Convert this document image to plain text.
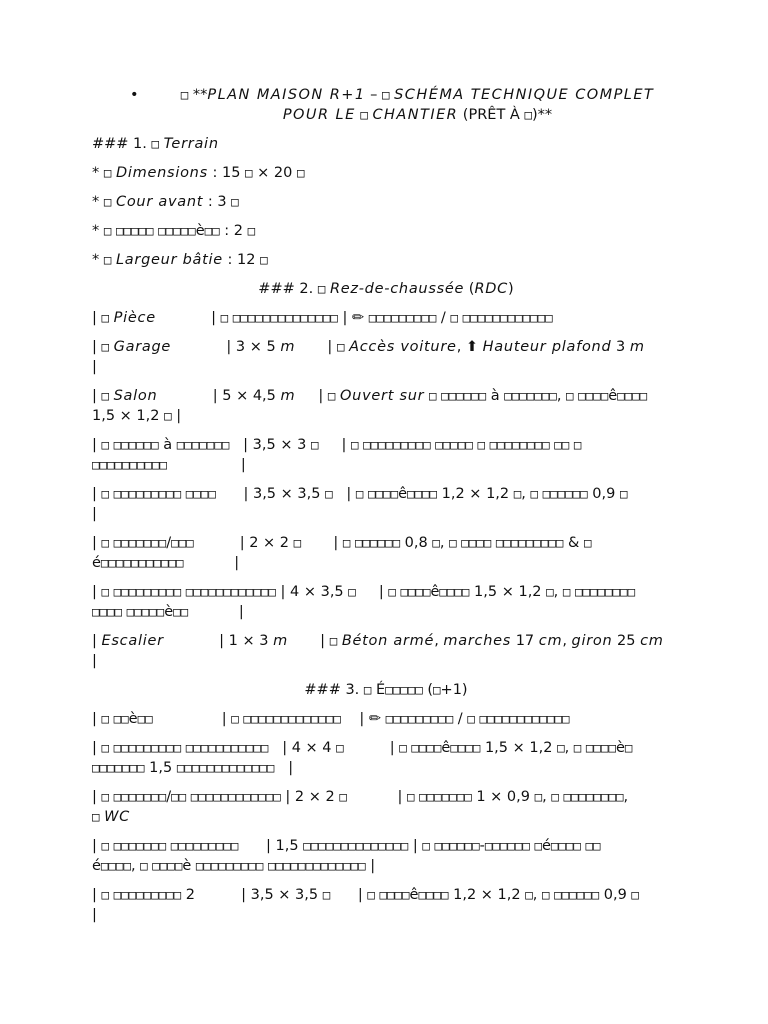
•	□ **PLAN MAISON R+1 – □ SCHÉMA TECHNIQUE COMPLET
POUR LE □ CHANTIER (PRÊT À □)**
### 1. □ Terrain
* □ Dimensions : 15 □ × 20 □
* □ Cour avant : 3 □
* □ □□□□□ □□□□□è□□ : 2 □
* □ Largeur bâtie : 12 □
### 2. □ Rez-de-chaussée (RDC)
| □ Pièce            | □ □□□□□□□□□□□□□□ | ✏ □□□□□□□□□ / □ □□□□□□□□□□□□
| □ Garage            | 3 × 5 m       | □ Accès voiture, ⬆ Hauteur plafond 3 m
|
| □ Salon            | 5 × 4,5 m     | □ Ouvert sur □ □□□□□□ à □□□□□□□, □ □□□□ê□□□□
1,5 × 1,2 □ |
| □ □□□□□□ à □□□□□□□   | 3,5 × 3 □     | □ □□□□□□□□□ □□□□□ □ □□□□□□□□ □□ □
□□□□□□□□□□                |
| □ □□□□□□□□□ □□□□      | 3,5 × 3,5 □   | □ □□□□ê□□□□ 1,2 × 1,2 □, □ □□□□□□ 0,9 □
|
| □ □□□□□□□/□□□          | 2 × 2 □       | □ □□□□□□ 0,8 □, □ □□□□ □□□□□□□□□ & □
é□□□□□□□□□□□           |
| □ □□□□□□□□□ □□□□□□□□□□□□ | 4 × 3,5 □     | □ □□□□ê□□□□ 1,5 × 1,2 □, □ □□□□□□□□
□□□□ □□□□□è□□           |
| Escalier            | 1 × 3 m       | □ Béton armé, marches 17 cm, giron 25 cm
|
### 3. □ É□□□□□ (□+1)
| □ □□è□□               | □ □□□□□□□□□□□□□    | ✏ □□□□□□□□□ / □ □□□□□□□□□□□□
| □ □□□□□□□□□ □□□□□□□□□□□   | 4 × 4 □          | □ □□□□ê□□□□ 1,5 × 1,2 □, □ □□□□è□
□□□□□□□ 1,5 □□□□□□□□□□□□□   |
| □ □□□□□□□/□□ □□□□□□□□□□□□ | 2 × 2 □           | □ □□□□□□□ 1 × 0,9 □, □ □□□□□□□□,
□ WC
| □ □□□□□□□ □□□□□□□□□      | 1,5 □□□□□□□□□□□□□□ | □ □□□□□□-□□□□□□ □é□□□□ □□
é□□□□, □ □□□□è □□□□□□□□□ □□□□□□□□□□□□□ |
| □ □□□□□□□□□ 2          | 3,5 × 3,5 □      | □ □□□□ê□□□□ 1,2 × 1,2 □, □ □□□□□□ 0,9 □
|
